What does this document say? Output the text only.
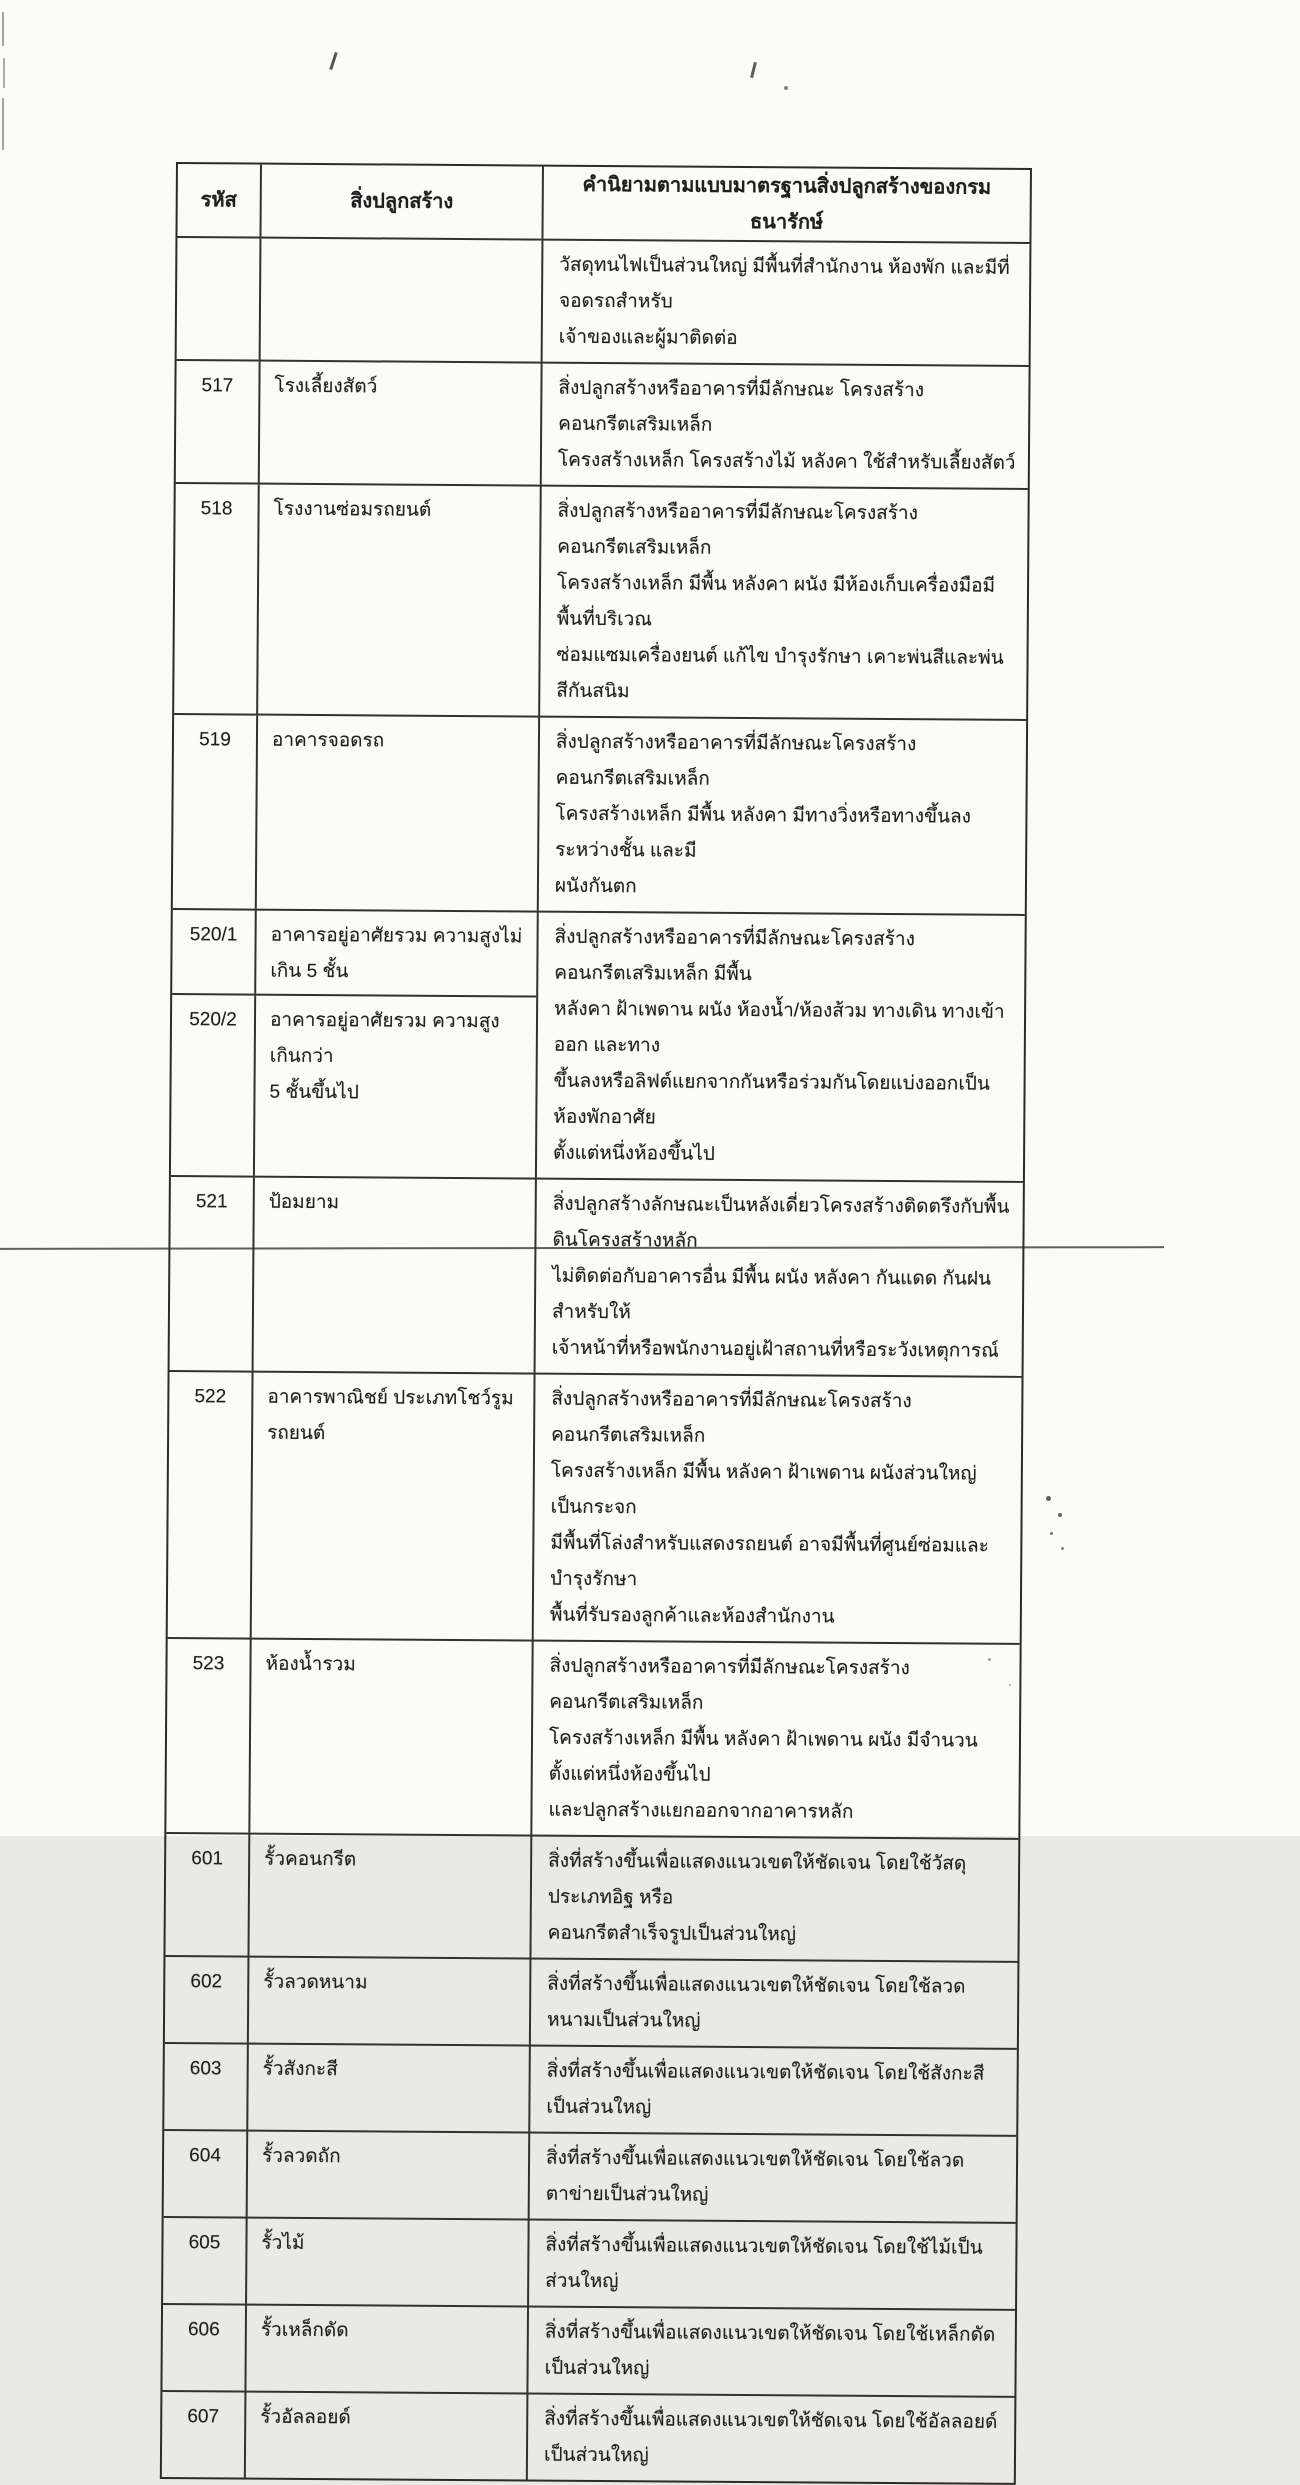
รหัส	สิ่งปลูกสร้าง
คำนิยามตามแบบมาตรฐานสิ่งปลูกสร้างของกรมธนารักษ์
วัสดุทนไฟเป็นส่วนใหญ่ มีพื้นที่สำนักงาน ห้องพัก และมีที่จอดรถสำหรับ
เจ้าของและผู้มาติดต่อ
517	โรงเลี้ยงสัตว์	สิ่งปลูกสร้างหรืออาคารที่มีลักษณะ โครงสร้างคอนกรีตเสริมเหล็ก
โครงสร้างเหล็ก โครงสร้างไม้ หลังคา ใช้สำหรับเลี้ยงสัตว์
518	โรงงานซ่อมรถยนต์	สิ่งปลูกสร้างหรืออาคารที่มีลักษณะโครงสร้างคอนกรีตเสริมเหล็ก
โครงสร้างเหล็ก มีพื้น หลังคา ผนัง มีห้องเก็บเครื่องมือมีพื้นที่บริเวณ
ซ่อมแซมเครื่องยนต์ แก้ไข บำรุงรักษา เคาะพ่นสีและพ่นสีกันสนิม
519	อาคารจอดรถ	สิ่งปลูกสร้างหรืออาคารที่มีลักษณะโครงสร้างคอนกรีตเสริมเหล็ก
โครงสร้างเหล็ก มีพื้น หลังคา มีทางวิ่งหรือทางขึ้นลงระหว่างชั้น และมี
ผนังกันตก
520/1	อาคารอยู่อาศัยรวม ความสูงไม่เกิน 5 ชั้น
520/2	อาคารอยู่อาศัยรวม ความสูงเกินกว่า
5 ชั้นขึ้นไป
สิ่งปลูกสร้างหรืออาคารที่มีลักษณะโครงสร้างคอนกรีตเสริมเหล็ก มีพื้น
หลังคา ฝ้าเพดาน ผนัง ห้องน้ำ/ห้องส้วม ทางเดิน ทางเข้าออก และทาง
ขึ้นลงหรือลิฟต์แยกจากกันหรือร่วมกันโดยแบ่งออกเป็นห้องพักอาศัย
ตั้งแต่หนึ่งห้องขึ้นไป
521	ป้อมยาม	สิ่งปลูกสร้างลักษณะเป็นหลังเดี่ยวโครงสร้างติดตรึงกับพื้นดินโครงสร้างหลัก
ไม่ติดต่อกับอาคารอื่น มีพื้น ผนัง หลังคา กันแดด กันฝน สำหรับให้
เจ้าหน้าที่หรือพนักงานอยู่เฝ้าสถานที่หรือระวังเหตุการณ์
522	อาคารพาณิชย์ ประเภทโชว์รูมรถยนต์
สิ่งปลูกสร้างหรืออาคารที่มีลักษณะโครงสร้างคอนกรีตเสริมเหล็ก
โครงสร้างเหล็ก มีพื้น หลังคา ฝ้าเพดาน ผนังส่วนใหญ่เป็นกระจก
มีพื้นที่โล่งสำหรับแสดงรถยนต์ อาจมีพื้นที่ศูนย์ซ่อมและบำรุงรักษา
พื้นที่รับรองลูกค้าและห้องสำนักงาน
523	ห้องน้ำรวม	สิ่งปลูกสร้างหรืออาคารที่มีลักษณะโครงสร้างคอนกรีตเสริมเหล็ก
โครงสร้างเหล็ก มีพื้น หลังคา ฝ้าเพดาน ผนัง มีจำนวนตั้งแต่หนึ่งห้องขึ้นไป
และปลูกสร้างแยกออกจากอาคารหลัก
601	รั้วคอนกรีต	สิ่งที่สร้างขึ้นเพื่อแสดงแนวเขตให้ชัดเจน โดยใช้วัสดุประเภทอิฐ หรือ
คอนกรีตสำเร็จรูปเป็นส่วนใหญ่
602	รั้วลวดหนาม	สิ่งที่สร้างขึ้นเพื่อแสดงแนวเขตให้ชัดเจน โดยใช้ลวดหนามเป็นส่วนใหญ่
603	รั้วสังกะสี	สิ่งที่สร้างขึ้นเพื่อแสดงแนวเขตให้ชัดเจน โดยใช้สังกะสีเป็นส่วนใหญ่
604	รั้วลวดถัก	สิ่งที่สร้างขึ้นเพื่อแสดงแนวเขตให้ชัดเจน โดยใช้ลวดตาข่ายเป็นส่วนใหญ่
605	รั้วไม้	สิ่งที่สร้างขึ้นเพื่อแสดงแนวเขตให้ชัดเจน โดยใช้ไม้เป็นส่วนใหญ่
606	รั้วเหล็กดัด	สิ่งที่สร้างขึ้นเพื่อแสดงแนวเขตให้ชัดเจน โดยใช้เหล็กดัดเป็นส่วนใหญ่
607	รั้วอัลลอยด์	สิ่งที่สร้างขึ้นเพื่อแสดงแนวเขตให้ชัดเจน โดยใช้อัลลอยด์เป็นส่วนใหญ่
